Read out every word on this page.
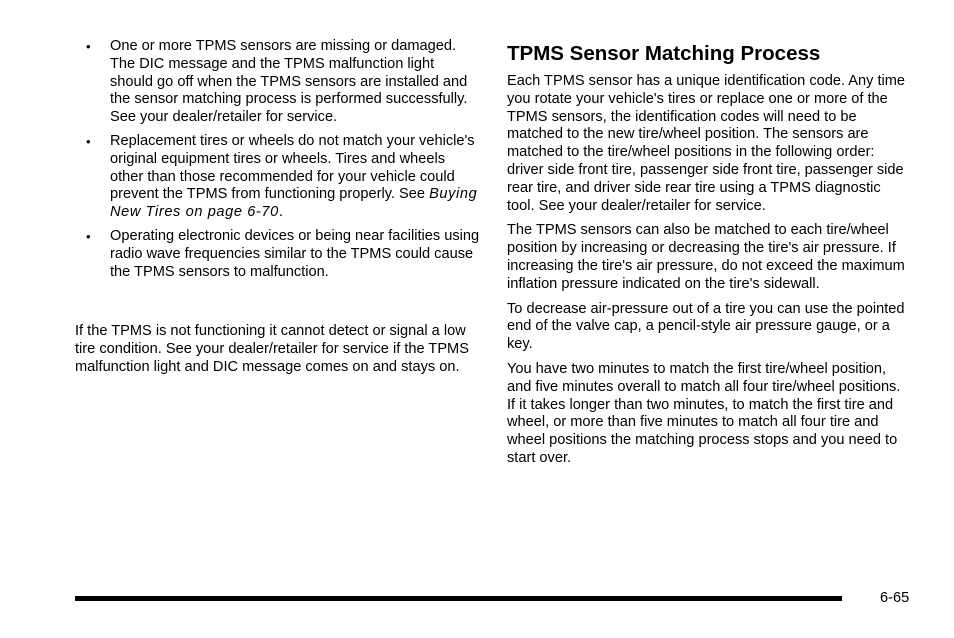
• One or more TPMS sensors are missing or damaged. The DIC message and the TPMS malfunction light should go off when the TPMS sensors are installed and the sensor matching process is performed successfully. See your dealer/retailer for service.
• Replacement tires or wheels do not match your vehicle's original equipment tires or wheels. Tires and wheels other than those recommended for your vehicle could prevent the TPMS from functioning properly. See Buying New Tires on page 6-70.
• Operating electronic devices or being near facilities using radio wave frequencies similar to the TPMS could cause the TPMS sensors to malfunction.

If the TPMS is not functioning it cannot detect or signal a low tire condition. See your dealer/retailer for service if the TPMS malfunction light and DIC message comes on and stays on.

TPMS Sensor Matching Process

Each TPMS sensor has a unique identification code. Any time you rotate your vehicle's tires or replace one or more of the TPMS sensors, the identification codes will need to be matched to the new tire/wheel position. The sensors are matched to the tire/wheel positions in the following order: driver side front tire, passenger side front tire, passenger side rear tire, and driver side rear tire using a TPMS diagnostic tool. See your dealer/retailer for service.

The TPMS sensors can also be matched to each tire/wheel position by increasing or decreasing the tire's air pressure. If increasing the tire's air pressure, do not exceed the maximum inflation pressure indicated on the tire's sidewall.

To decrease air-pressure out of a tire you can use the pointed end of the valve cap, a pencil-style air pressure gauge, or a key.

You have two minutes to match the first tire/wheel position, and five minutes overall to match all four tire/wheel positions. If it takes longer than two minutes, to match the first tire and wheel, or more than five minutes to match all four tire and wheel positions the matching process stops and you need to start over.

6-65
